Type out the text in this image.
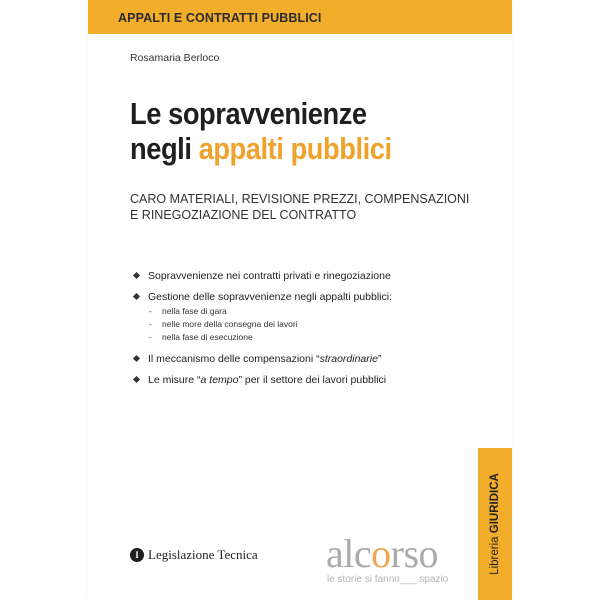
APPALTI E CONTRATTI PUBBLICI
Rosamaria Berloco
Le sopravvenienze
negli appalti pubblici
CARO MATERIALI, REVISIONE PREZZI, COMPENSAZIONI
E RINEGOZIAZIONE DEL CONTRATTO
Sopravvenienze nei contratti privati e rinegoziazione
Gestione delle sopravvenienze negli appalti pubblici:
- nella fase di gara
- nelle more della consegna dei lavori
- nella fase di esecuzione
Il meccanismo delle compensazioni “straordinarie”
Le misure “a tempo” per il settore dei lavori pubblici
Libreria GIURIDICA
I Legislazione Tecnica alcorso
le storie si fanno___ spazio
